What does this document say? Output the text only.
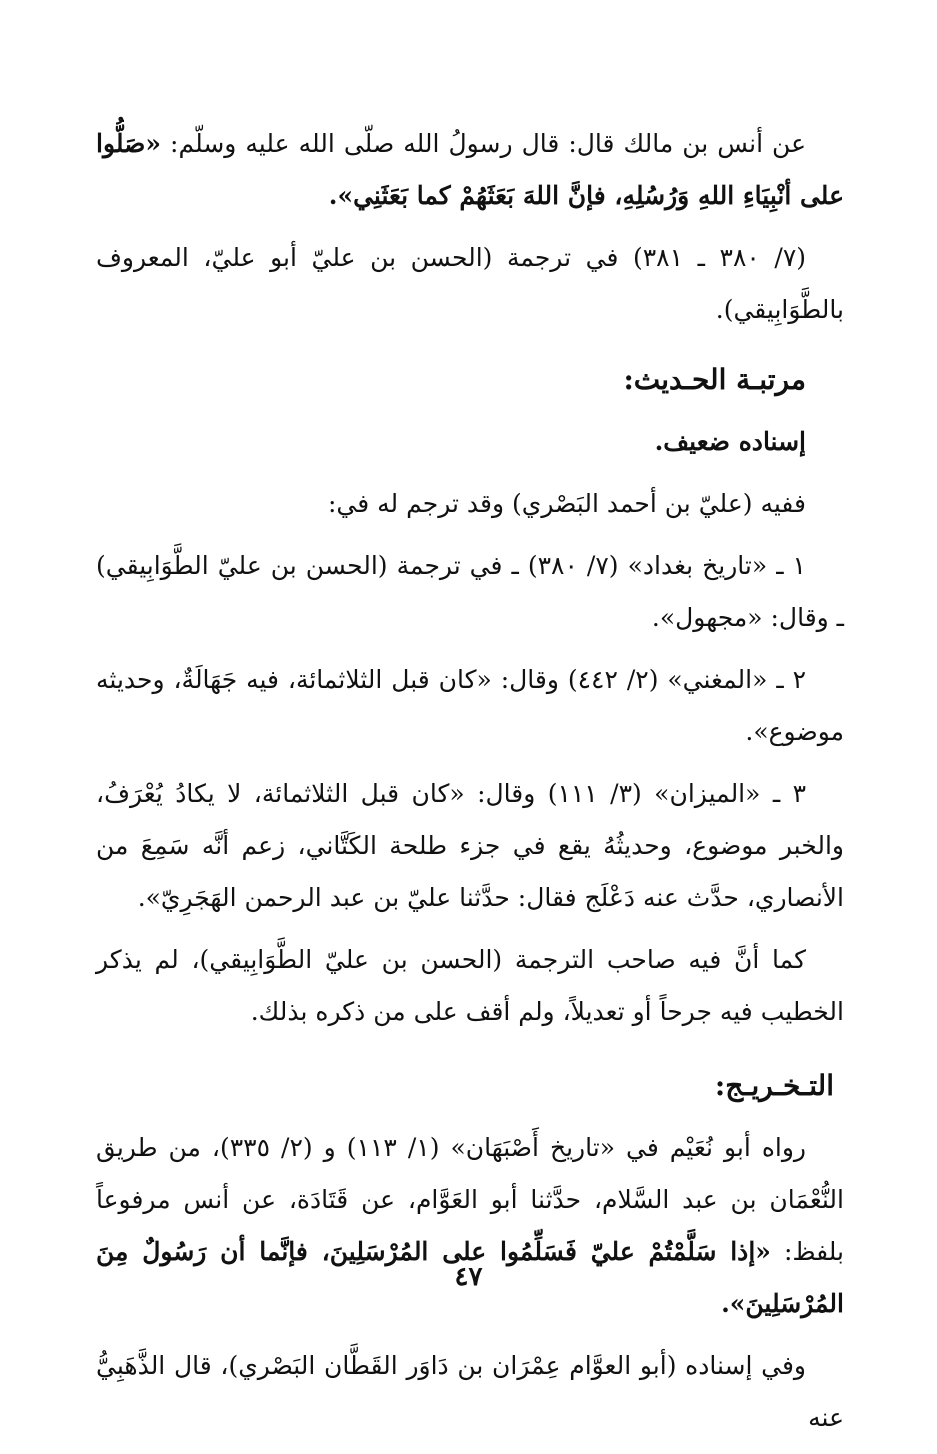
عن أنس بن مالك قال: قال رسولُ الله صلّى الله عليه وسلّم: «صَلُّوا على أنْبِيَاءِ اللهِ وَرُسُلِهِ، فإنَّ اللهَ بَعَثَهُمْ كما بَعَثَنِي».

(٧/ ٣٨٠ ـ ٣٨١) في ترجمة (الحسن بن عليّ أبو عليّ، المعروف بالطَّوَابِيقي).

مرتبـة الحـديث:

إسناده ضعيف.

ففيه (عليّ بن أحمد البَصْري) وقد ترجم له في:

١ ـ «تاريخ بغداد» (٧/ ٣٨٠) ـ في ترجمة (الحسن بن عليّ الطَّوَابِيقي) ـ وقال: «مجهول».

٢ ـ «المغني» (٢/ ٤٤٢) وقال: «كان قبل الثلاثمائة، فيه جَهَالَةٌ، وحديثه موضوع».

٣ ـ «الميزان» (٣/ ١١١) وقال: «كان قبل الثلاثمائة، لا يكادُ يُعْرَفُ، والخبر موضوع، وحديثُهُ يقع في جزء طلحة الكَتَّاني، زعم أنَّه سَمِعَ من الأنصاري، حدَّث عنه دَعْلَج فقال: حدَّثنا عليّ بن عبد الرحمن الهَجَرِيّ».

كما أنَّ فيه صاحب الترجمة (الحسن بن عليّ الطَّوَابِيقي)، لم يذكر الخطيب فيه جرحاً أو تعديلاً، ولم أقف على من ذكره بذلك.

التـخـريـج:

رواه أبو نُعَيْم في «تاريخ أَصْبَهَان» (١/ ١١٣) و (٢/ ٣٣٥)، من طريق النُّعْمَان بن عبد السَّلام، حدَّثنا أبو العَوَّام، عن قَتَادَة، عن أنس مرفوعاً بلفظ: «إذا سَلَّمْتُمْ عليّ فَسَلِّمُوا على المُرْسَلِينَ، فإنَّما أن رَسُولٌ مِنَ المُرْسَلِينَ».

وفي إسناده (أبو العوَّام عِمْرَان بن دَاوَر القَطَّان البَصْري)، قال الذَّهَبِيُّ عنه

٤٧
